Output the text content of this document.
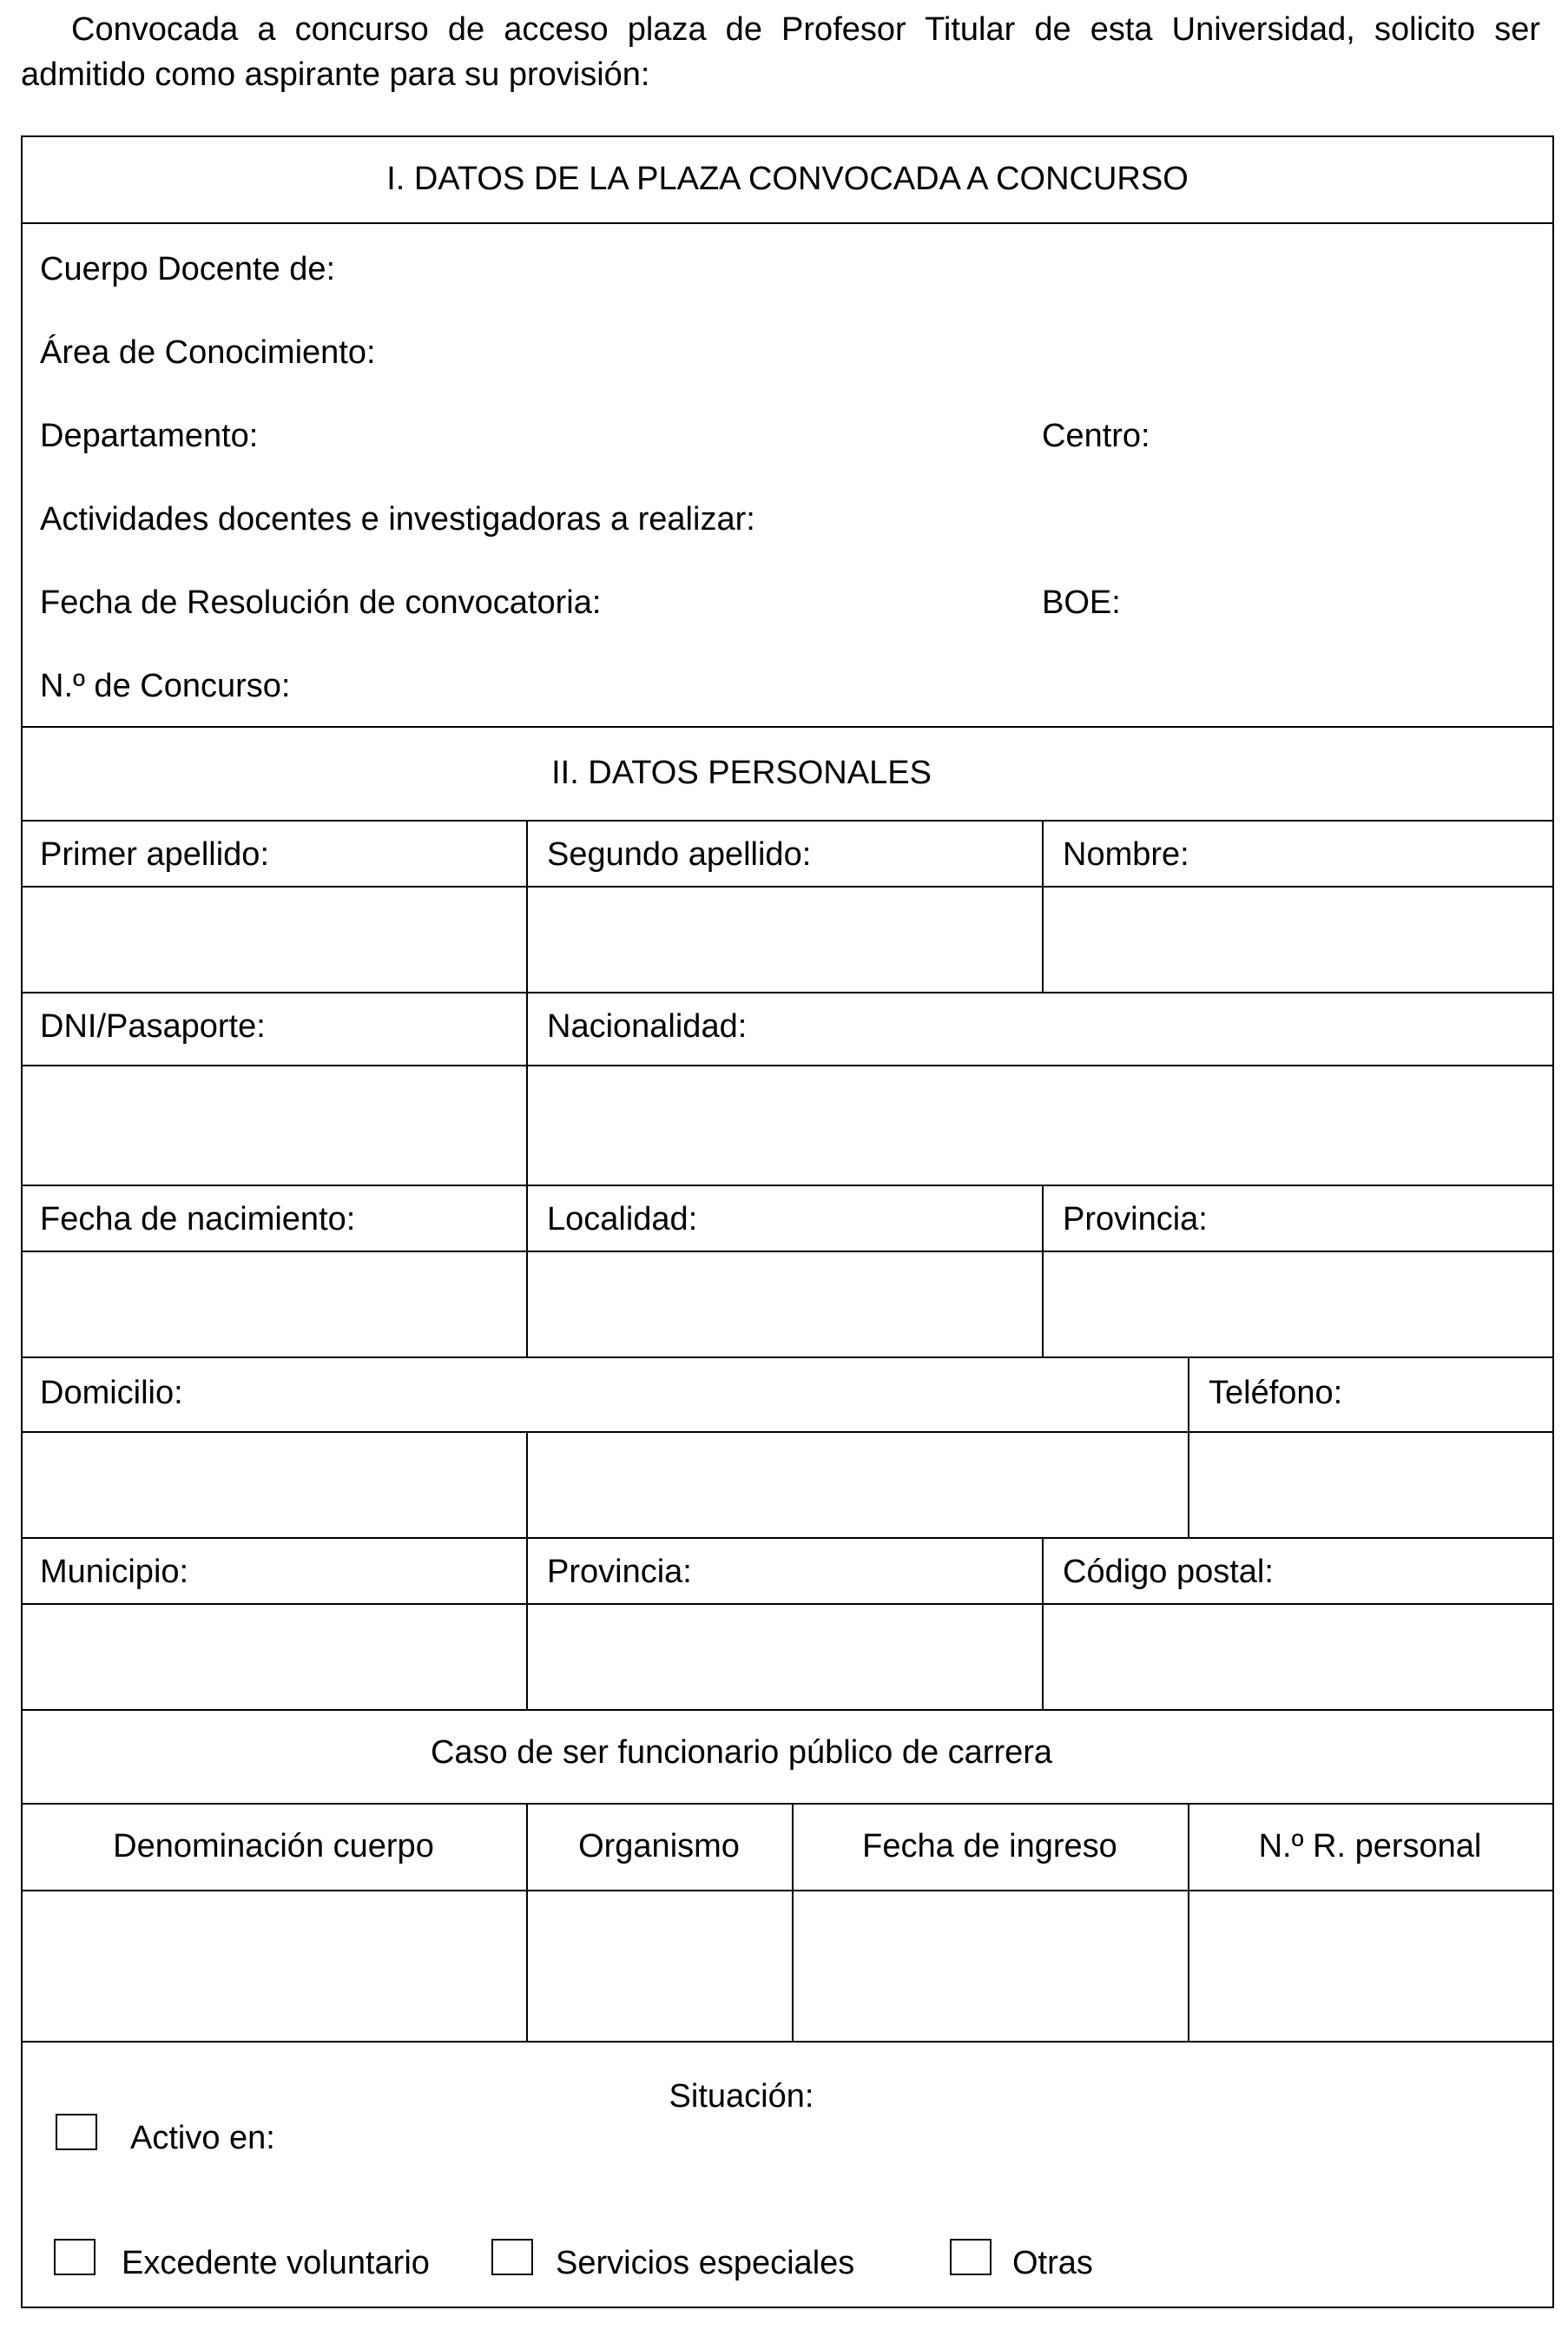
Convocada a concurso de acceso plaza de Profesor Titular de esta Universidad, solicito ser admitido como aspirante para su provisión:
I. DATOS DE LA PLAZA CONVOCADA A CONCURSO
Cuerpo Docente de:
Área de Conocimiento:
Departamento:	Centro:
Actividades docentes e investigadoras a realizar:
Fecha de Resolución de convocatoria:	BOE:
N.º de Concurso:
II. DATOS PERSONALES
Primer apellido:	Segundo apellido:	Nombre:
DNI/Pasaporte:	Nacionalidad:
Fecha de nacimiento:	Localidad:	Provincia:
Domicilio:	Teléfono:
Municipio:	Provincia:	Código postal:
Caso de ser funcionario público de carrera
Denominación cuerpo	Organismo	Fecha de ingreso	N.º R. personal
Situación:
Activo en:
Excedente voluntario	Servicios especiales	Otras
